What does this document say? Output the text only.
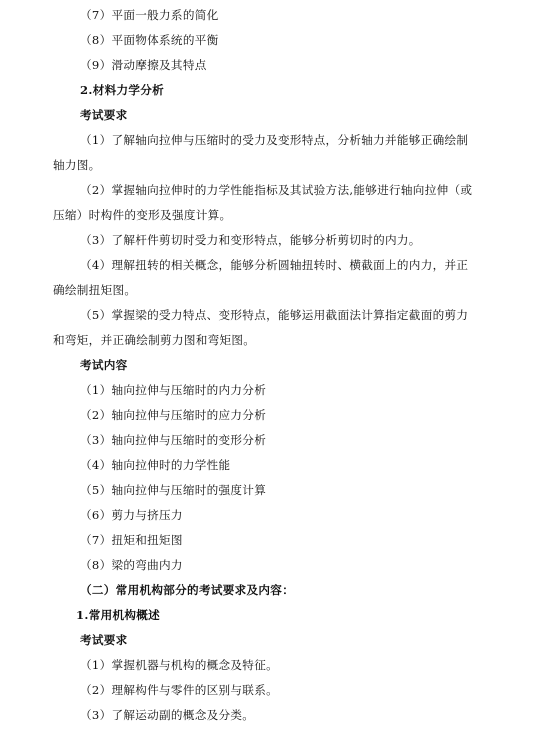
（7）平面一般力系的简化
（8）平面物体系统的平衡
（9）滑动摩擦及其特点
2.材料力学分析
考试要求
（1）了解轴向拉伸与压缩时的受力及变形特点，分析轴力并能够正确绘制
轴力图。
（2）掌握轴向拉伸时的力学性能指标及其试验方法,能够进行轴向拉伸（或
压缩）时构件的变形及强度计算。
（3）了解杆件剪切时受力和变形特点，能够分析剪切时的内力。
（4）理解扭转的相关概念，能够分析圆轴扭转时、横截面上的内力，并正
确绘制扭矩图。
（5）掌握梁的受力特点、变形特点，能够运用截面法计算指定截面的剪力
和弯矩，并正确绘制剪力图和弯矩图。
考试内容
（1）轴向拉伸与压缩时的内力分析
（2）轴向拉伸与压缩时的应力分析
（3）轴向拉伸与压缩时的变形分析
（4）轴向拉伸时的力学性能
（5）轴向拉伸与压缩时的强度计算
（6）剪力与挤压力
（7）扭矩和扭矩图
（8）梁的弯曲内力
（二）常用机构部分的考试要求及内容：
1.常用机构概述
考试要求
（1）掌握机器与机构的概念及特征。
（2）理解构件与零件的区别与联系。
（3）了解运动副的概念及分类。
